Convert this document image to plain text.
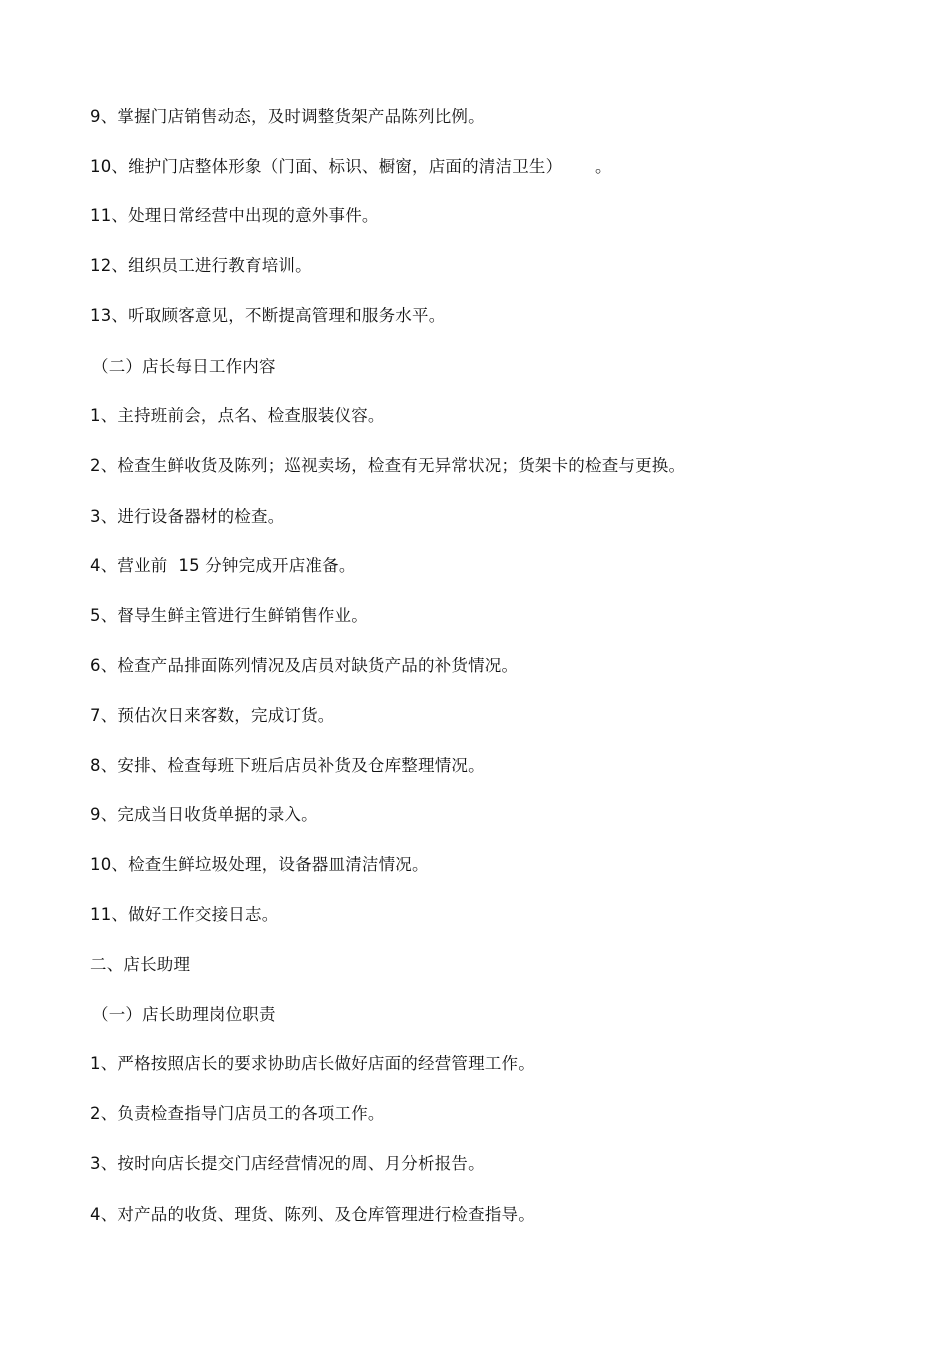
9、掌握门店销售动态，及时调整货架产品陈列比例。
10、维护门店整体形象（门面、标识、橱窗，店面的清洁卫生）      。
11、处理日常经营中出现的意外事件。
12、组织员工进行教育培训。
13、听取顾客意见，不断提高管理和服务水平。
（二）店长每日工作内容
1、主持班前会，点名、检查服装仪容。
2、检查生鲜收货及陈列；巡视卖场，检查有无异常状况；货架卡的检查与更换。
3、进行设备器材的检查。
4、营业前  15 分钟完成开店准备。
5、督导生鲜主管进行生鲜销售作业。
6、检查产品排面陈列情况及店员对缺货产品的补货情况。
7、预估次日来客数，完成订货。
8、安排、检查每班下班后店员补货及仓库整理情况。
9、完成当日收货单据的录入。
10、检查生鲜垃圾处理，设备器皿清洁情况。
11、做好工作交接日志。
二、店长助理
（一）店长助理岗位职责
1、严格按照店长的要求协助店长做好店面的经营管理工作。
2、负责检查指导门店员工的各项工作。
3、按时向店长提交门店经营情况的周、月分析报告。
4、对产品的收货、理货、陈列、及仓库管理进行检查指导。
